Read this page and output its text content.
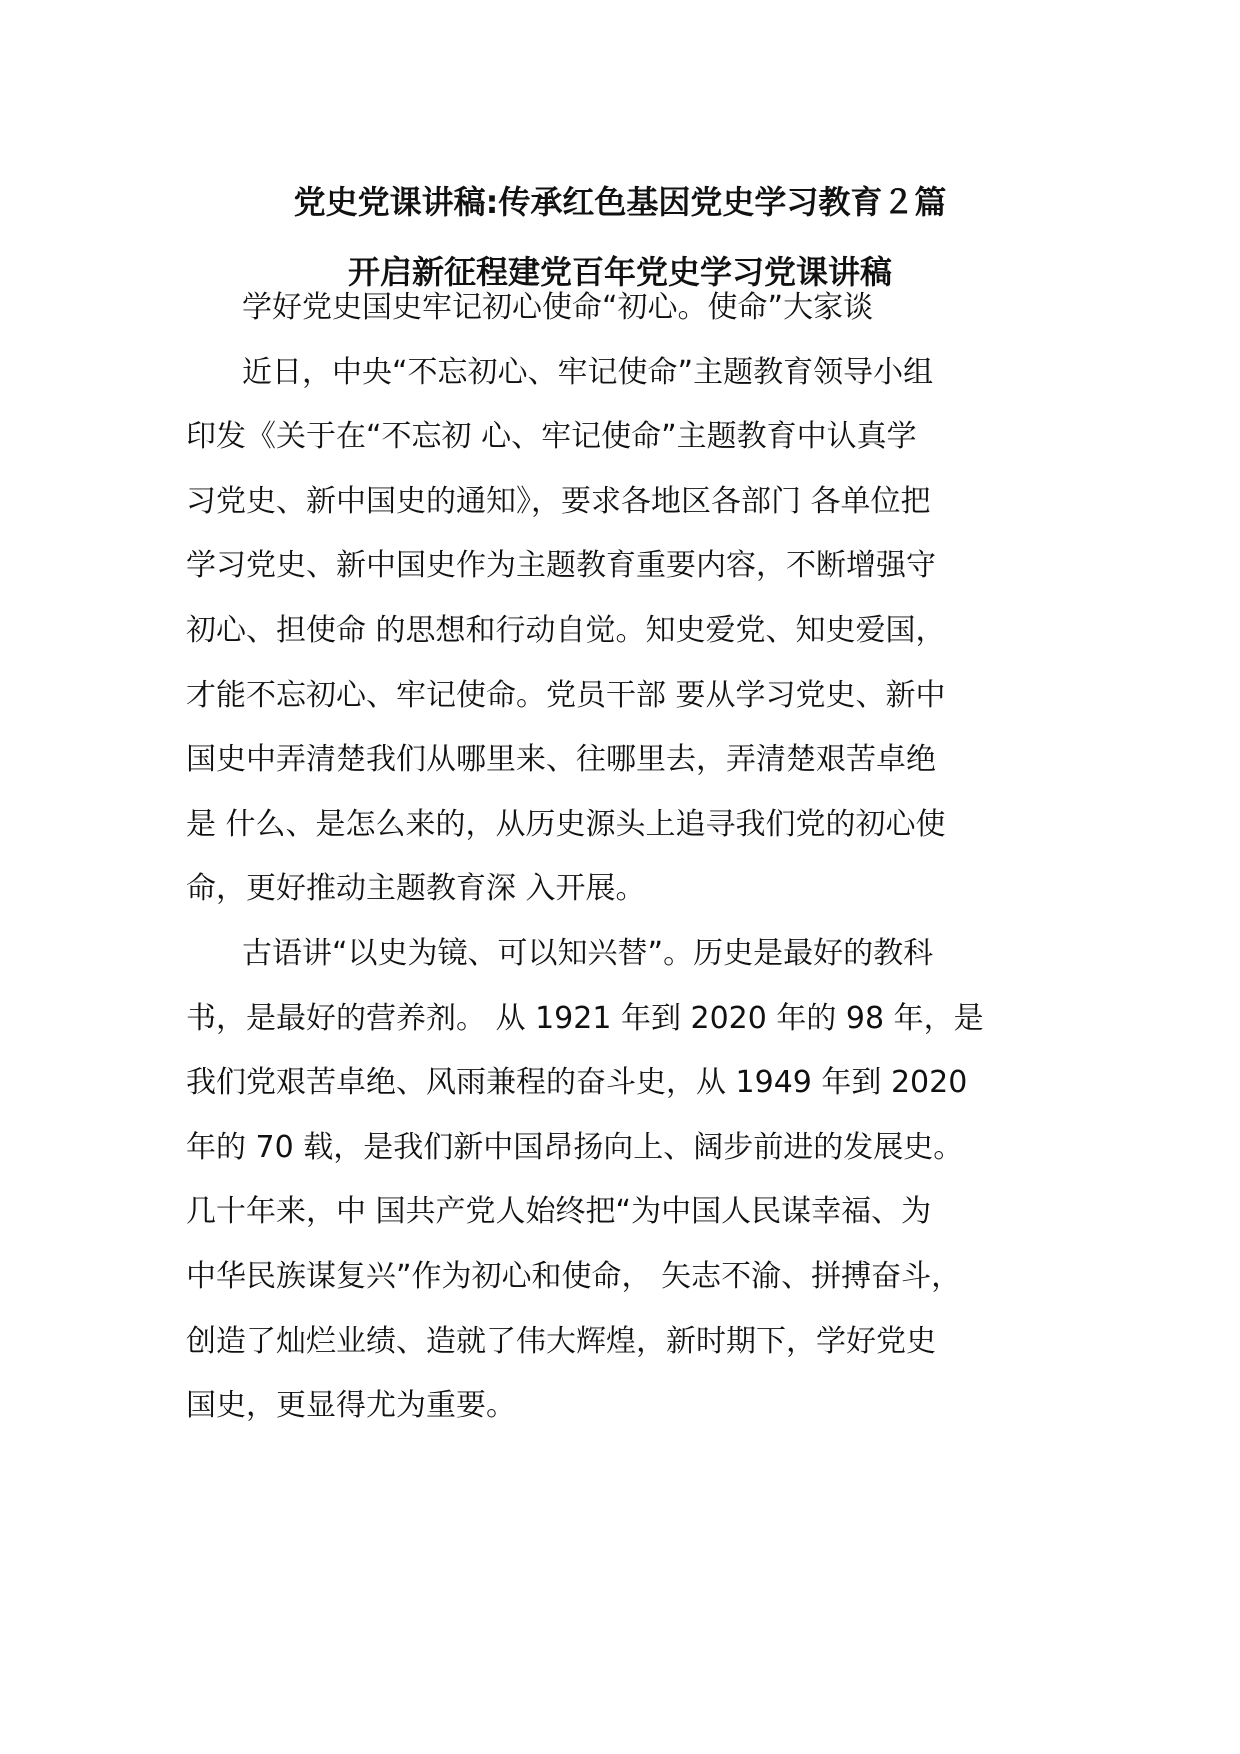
党史党课讲稿:传承红色基因党史学习教育２篇
开启新征程建党百年党史学习党课讲稿

学好党史国史牢记初心使命“初心。使命”大家谈

近日，中央“不忘初心、牢记使命”主题教育领导小组

印发《关于在“不忘初 心、牢记使命”主题教育中认真学

习党史、新中国史的通知》，要求各地区各部门 各单位把

学习党史、新中国史作为主题教育重要内容，不断增强守

初心、担使命 的思想和行动自觉。知史爱党、知史爱国，

才能不忘初心、牢记使命。党员干部 要从学习党史、新中

国史中弄清楚我们从哪里来、往哪里去，弄清楚艰苦卓绝

是 什么、是怎么来的，从历史源头上追寻我们党的初心使

命，更好推动主题教育深 入开展。

古语讲“以史为镜、可以知兴替”。历史是最好的教科

书，是最好的营养剂。 从 1921 年到 2020 年的 98 年，是

我们党艰苦卓绝、风雨兼程的奋斗史，从 1949 年到 2020

年的 70 载，是我们新中国昂扬向上、阔步前进的发展史。

几十年来，中 国共产党人始终把“为中国人民谋幸福、为

中华民族谋复兴”作为初心和使命， 矢志不渝、拼搏奋斗，

创造了灿烂业绩、造就了伟大辉煌，新时期下，学好党史

国史，更显得尤为重要。
